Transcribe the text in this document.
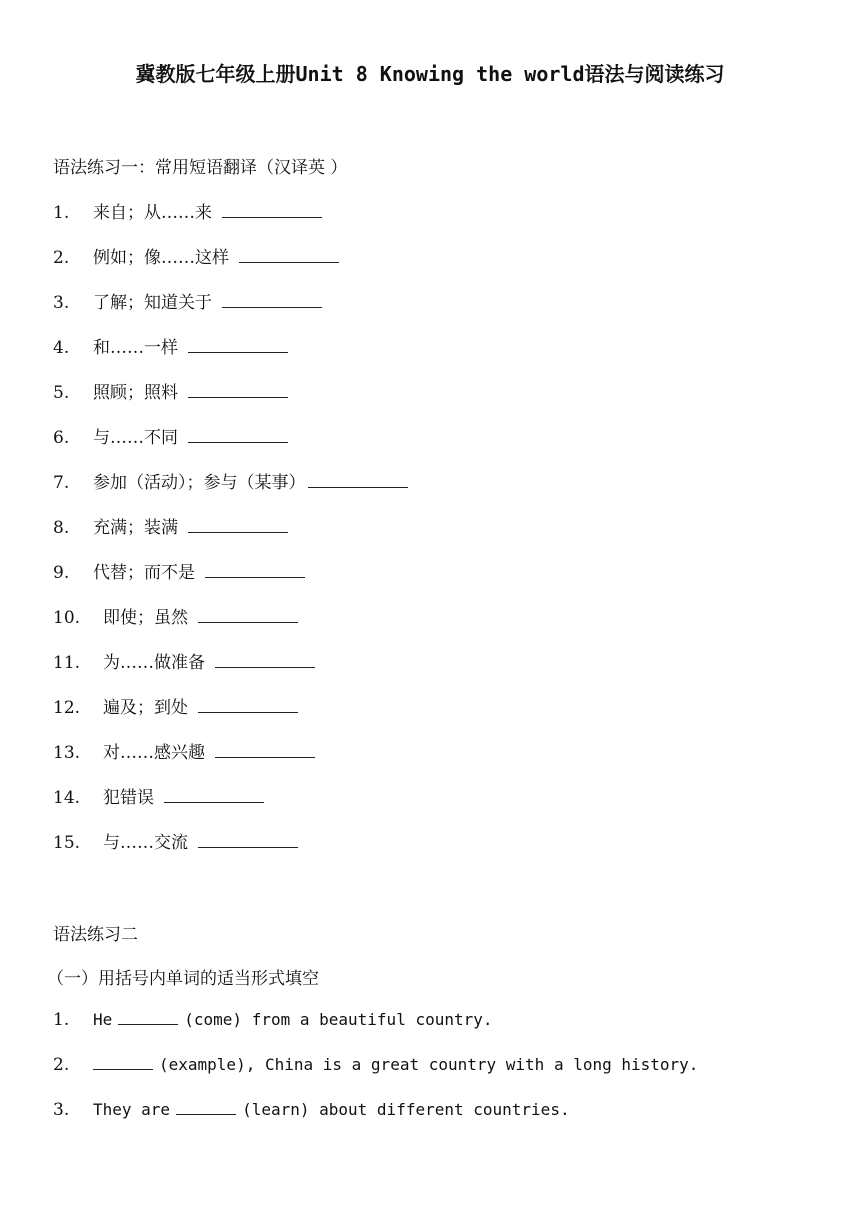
冀教版七年级上册Unit 8 Knowing the world语法与阅读练习
语法练习一：常用短语翻译（汉译英 ）
1.	来自；从……来
2.	例如；像……这样
3.	了解；知道关于
4.	和……一样
5.	照顾；照料
6.	与……不同
7.	参加（活动）；参与（某事）
8.	充满；装满
9.	代替；而不是
10.	即使；虽然
11.	为……做准备
12.	遍及；到处
13.	对……感兴趣
14.	犯错误
15.	与……交流
语法练习二
（一）用括号内单词的适当形式填空
1. He	(come) from a beautiful country.
2.	(example), China is a great country with a long history.
3. They are	(learn) about different countries.
